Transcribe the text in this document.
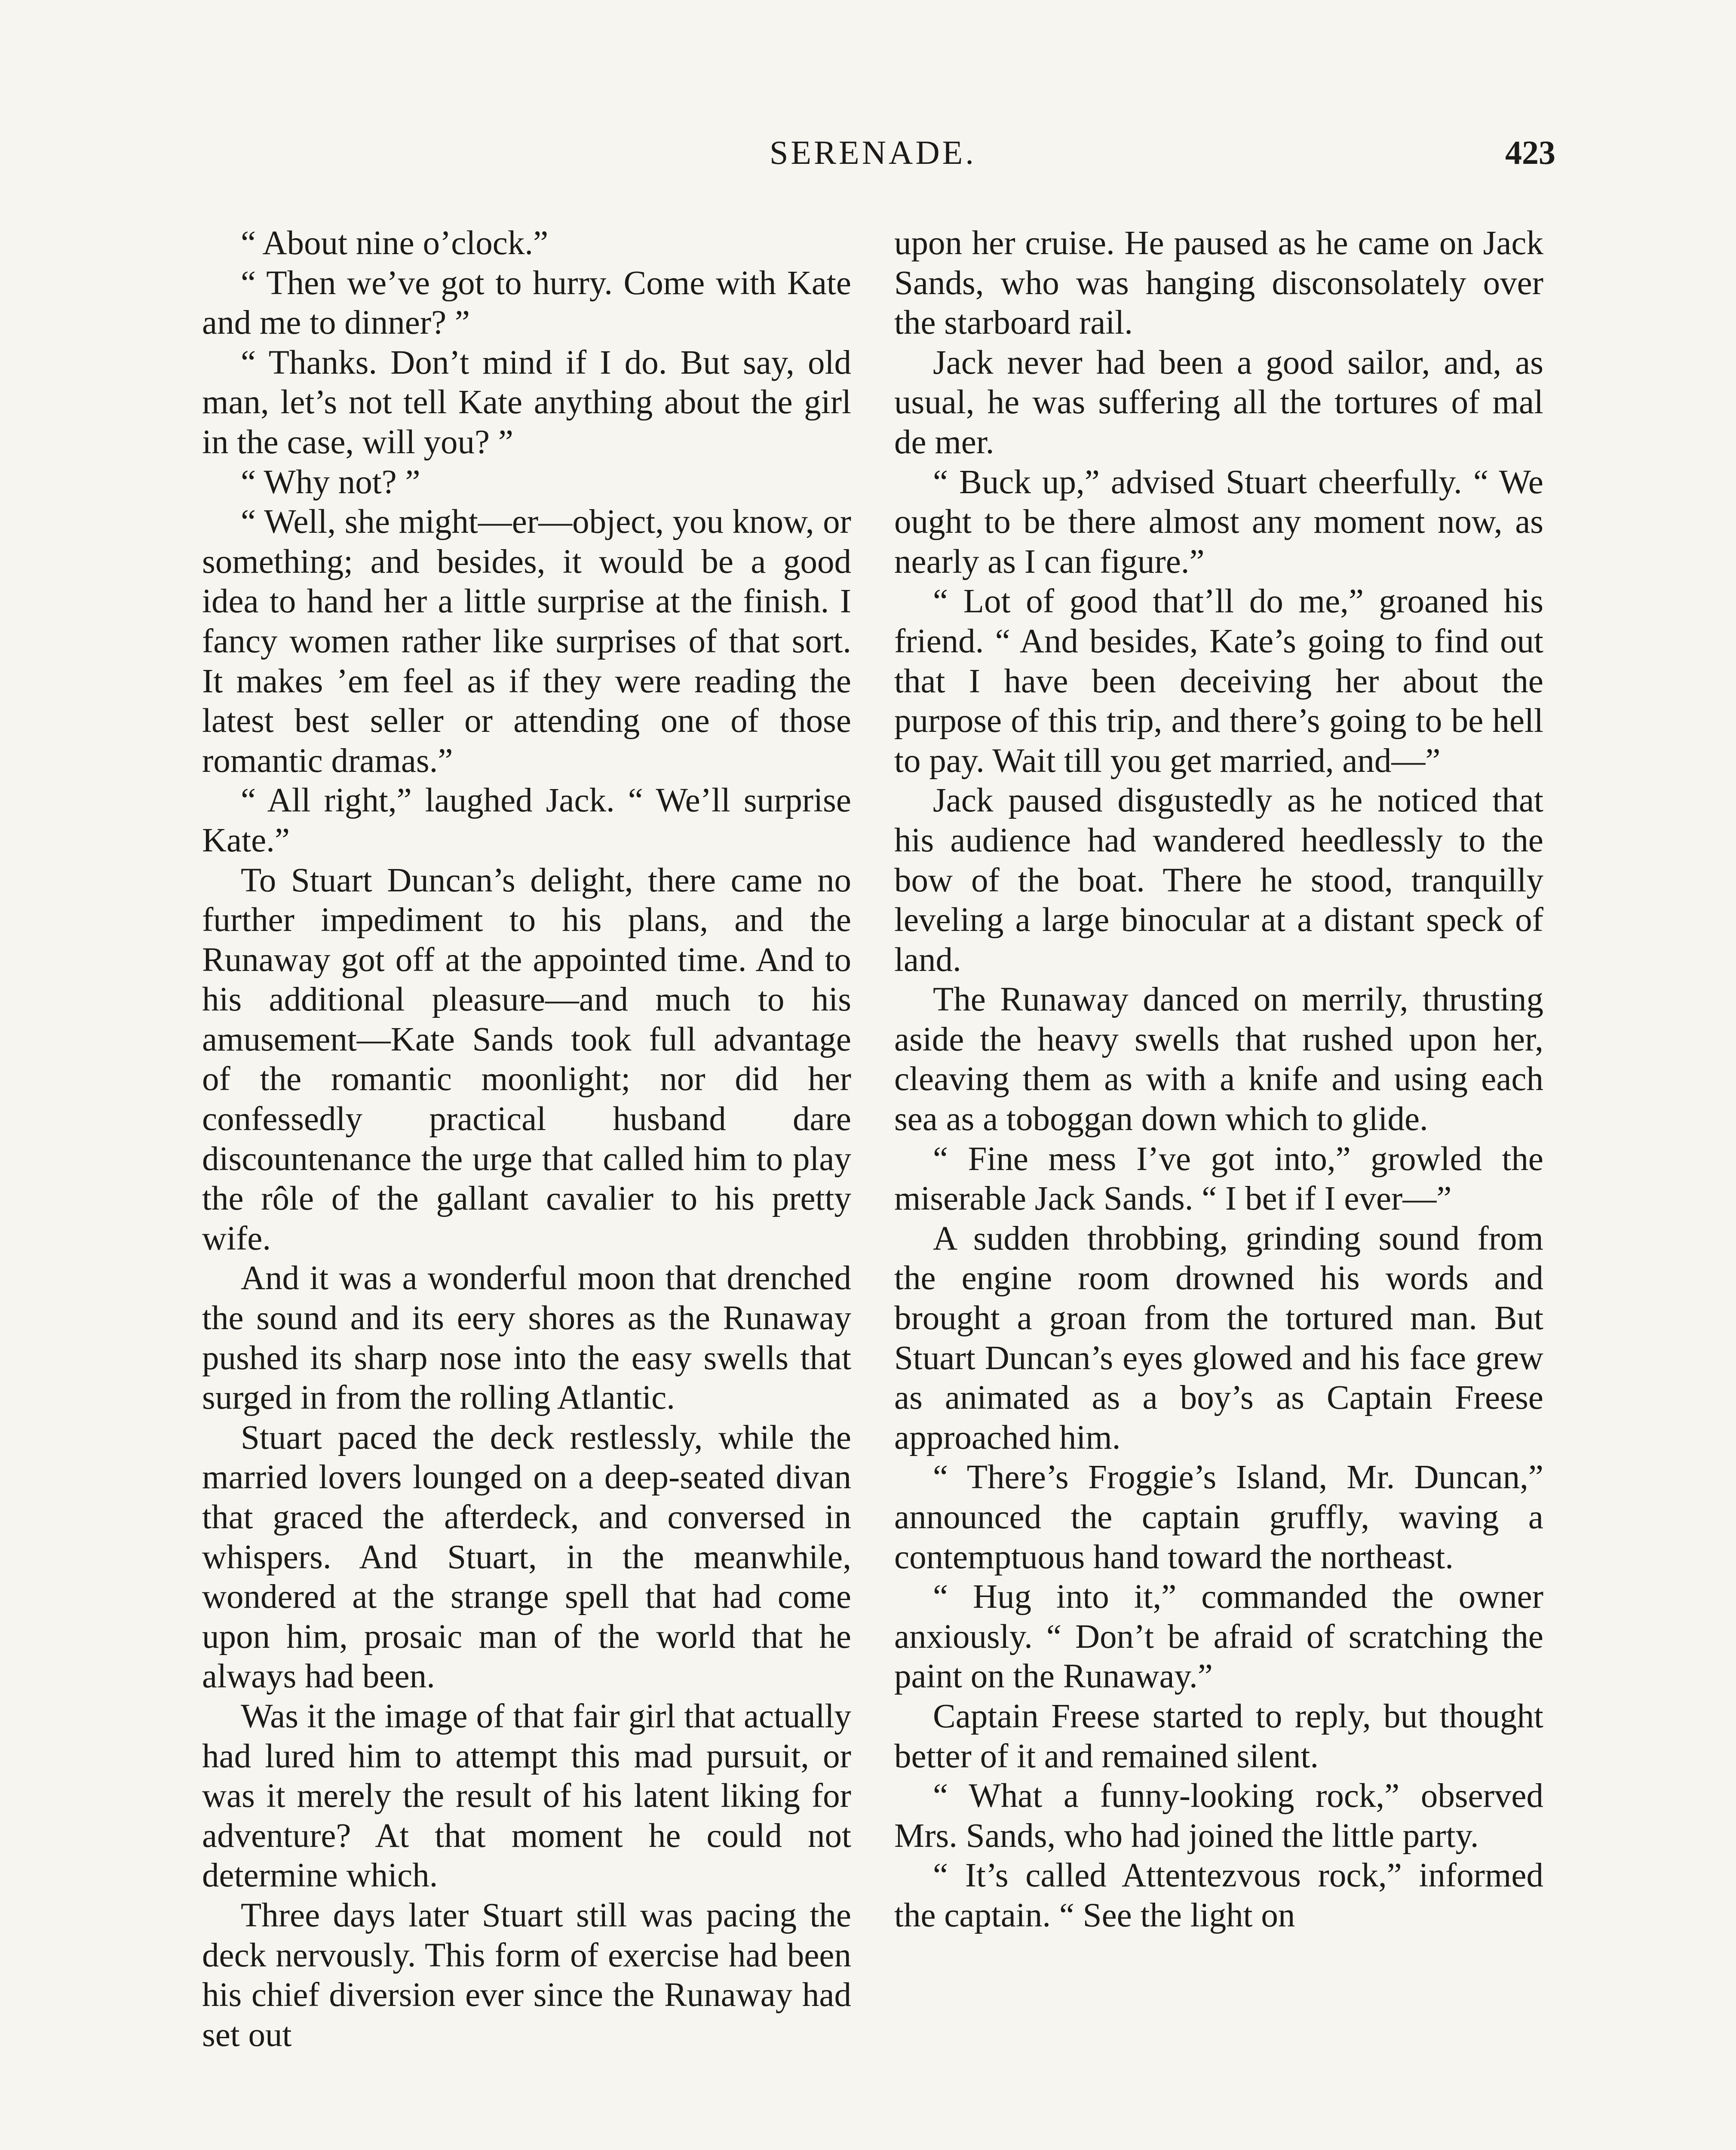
SERENADE.	423

“ About nine o’clock.”

“ Then we’ve got to hurry. Come with Kate and me to dinner? ”

“ Thanks. Don’t mind if I do. But say, old man, let’s not tell Kate anything about the girl in the case, will you? ”

“ Why not? ”

“ Well, she might—er—object, you know, or something; and besides, it would be a good idea to hand her a little surprise at the finish. I fancy women rather like surprises of that sort. It makes ’em feel as if they were reading the latest best seller or attending one of those romantic dramas.”

“ All right,” laughed Jack. “ We’ll surprise Kate.”

To Stuart Duncan’s delight, there came no further impediment to his plans, and the Runaway got off at the appointed time. And to his additional pleasure—and much to his amusement—Kate Sands took full advantage of the romantic moonlight; nor did her confessedly practical husband dare discountenance the urge that called him to play the rôle of the gallant cavalier to his pretty wife.

And it was a wonderful moon that drenched the sound and its eery shores as the Runaway pushed its sharp nose into the easy swells that surged in from the rolling Atlantic.

Stuart paced the deck restlessly, while the married lovers lounged on a deep-seated divan that graced the afterdeck, and conversed in whispers. And Stuart, in the meanwhile, wondered at the strange spell that had come upon him, prosaic man of the world that he always had been.

Was it the image of that fair girl that actually had lured him to attempt this mad pursuit, or was it merely the result of his latent liking for adventure? At that moment he could not determine which.

Three days later Stuart still was pacing the deck nervously. This form of exercise had been his chief diversion ever since the Runaway had set out

upon her cruise. He paused as he came on Jack Sands, who was hanging disconsolately over the starboard rail.

Jack never had been a good sailor, and, as usual, he was suffering all the tortures of mal de mer.

“ Buck up,” advised Stuart cheerfully. “ We ought to be there almost any moment now, as nearly as I can figure.”

“ Lot of good that’ll do me,” groaned his friend. “ And besides, Kate’s going to find out that I have been deceiving her about the purpose of this trip, and there’s going to be hell to pay. Wait till you get married, and—”

Jack paused disgustedly as he noticed that his audience had wandered heedlessly to the bow of the boat. There he stood, tranquilly leveling a large binocular at a distant speck of land.

The Runaway danced on merrily, thrusting aside the heavy swells that rushed upon her, cleaving them as with a knife and using each sea as a toboggan down which to glide.

“ Fine mess I’ve got into,” growled the miserable Jack Sands. “ I bet if I ever—”

A sudden throbbing, grinding sound from the engine room drowned his words and brought a groan from the tortured man. But Stuart Duncan’s eyes glowed and his face grew as animated as a boy’s as Captain Freese approached him.

“ There’s Froggie’s Island, Mr. Duncan,” announced the captain gruffly, waving a contemptuous hand toward the northeast.

“ Hug into it,” commanded the owner anxiously. “ Don’t be afraid of scratching the paint on the Runaway.”

Captain Freese started to reply, but thought better of it and remained silent.

“ What a funny-looking rock,” observed Mrs. Sands, who had joined the little party.

“ It’s called Attentezvous rock,” informed the captain. “ See the light on
